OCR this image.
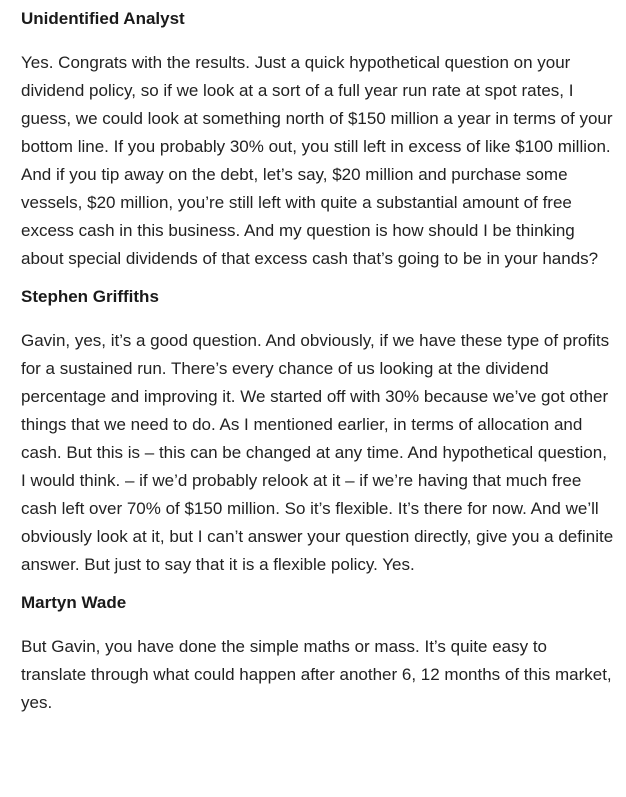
Unidentified Analyst

Yes. Congrats with the results. Just a quick hypothetical question on your dividend policy, so if we look at a sort of a full year run rate at spot rates, I guess, we could look at something north of $150 million a year in terms of your bottom line. If you probably 30% out, you still left in excess of like $100 million. And if you tip away on the debt, let’s say, $20 million and purchase some vessels, $20 million, you’re still left with quite a substantial amount of free excess cash in this business. And my question is how should I be thinking about special dividends of that excess cash that’s going to be in your hands?

Stephen Griffiths

Gavin, yes, it’s a good question. And obviously, if we have these type of profits for a sustained run. There’s every chance of us looking at the dividend percentage and improving it. We started off with 30% because we’ve got other things that we need to do. As I mentioned earlier, in terms of allocation and cash. But this is – this can be changed at any time. And hypothetical question, I would think. – if we’d probably relook at it – if we’re having that much free cash left over 70% of $150 million. So it’s flexible. It’s there for now. And we’ll obviously look at it, but I can’t answer your question directly, give you a definite answer. But just to say that it is a flexible policy. Yes.

Martyn Wade

But Gavin, you have done the simple maths or mass. It’s quite easy to translate through what could happen after another 6, 12 months of this market, yes.
